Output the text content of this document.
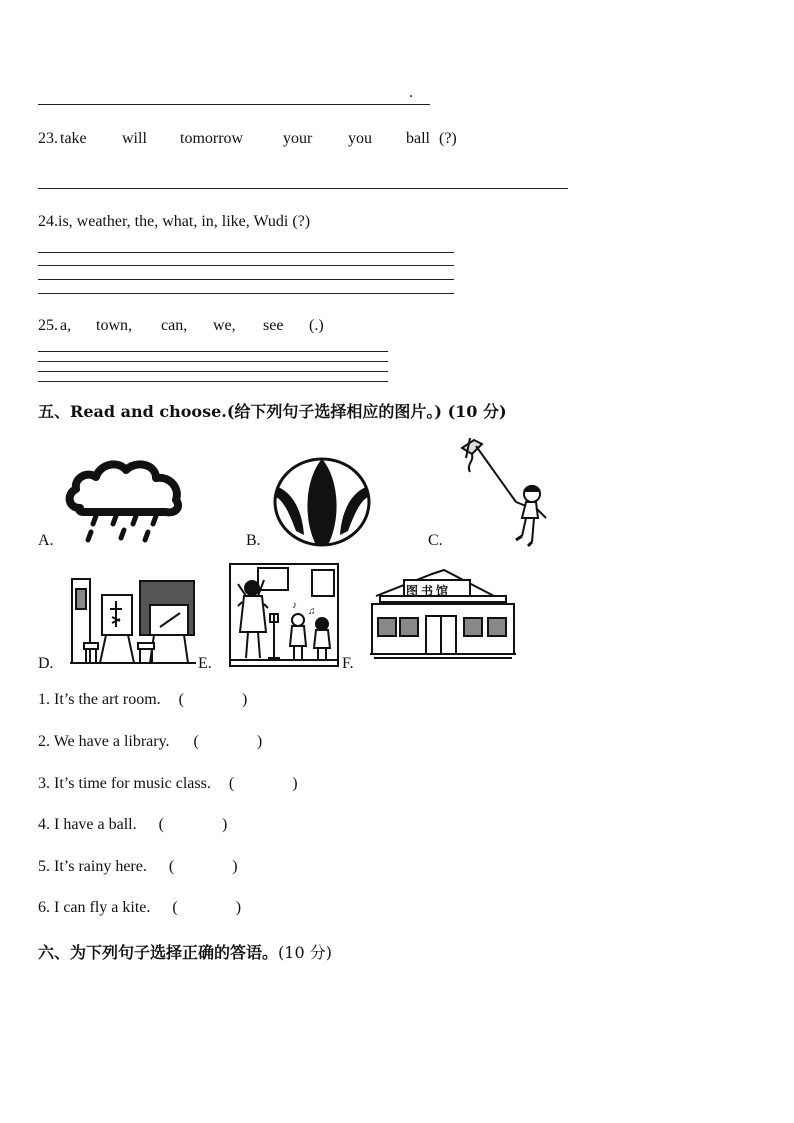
.
23. take will tomorrow your you ball (?)
24.is, weather, the, what, in, like, Wudi (?)
25. a, town, can, we, see (.)
五、Read and choose.(给下列句子选择相应的图片。) (10 分)
A.	B.	C.
D.
♪
♫
E.
图书馆
F.
1. It’s the art room. (	)
2. We have a library. (	)
3. It’s time for music class. (	)
4. I have a ball. (	)
5. It’s rainy here. (	)
6. I can fly a kite. (	)
六、为下列句子选择正确的答语。(10 分)
